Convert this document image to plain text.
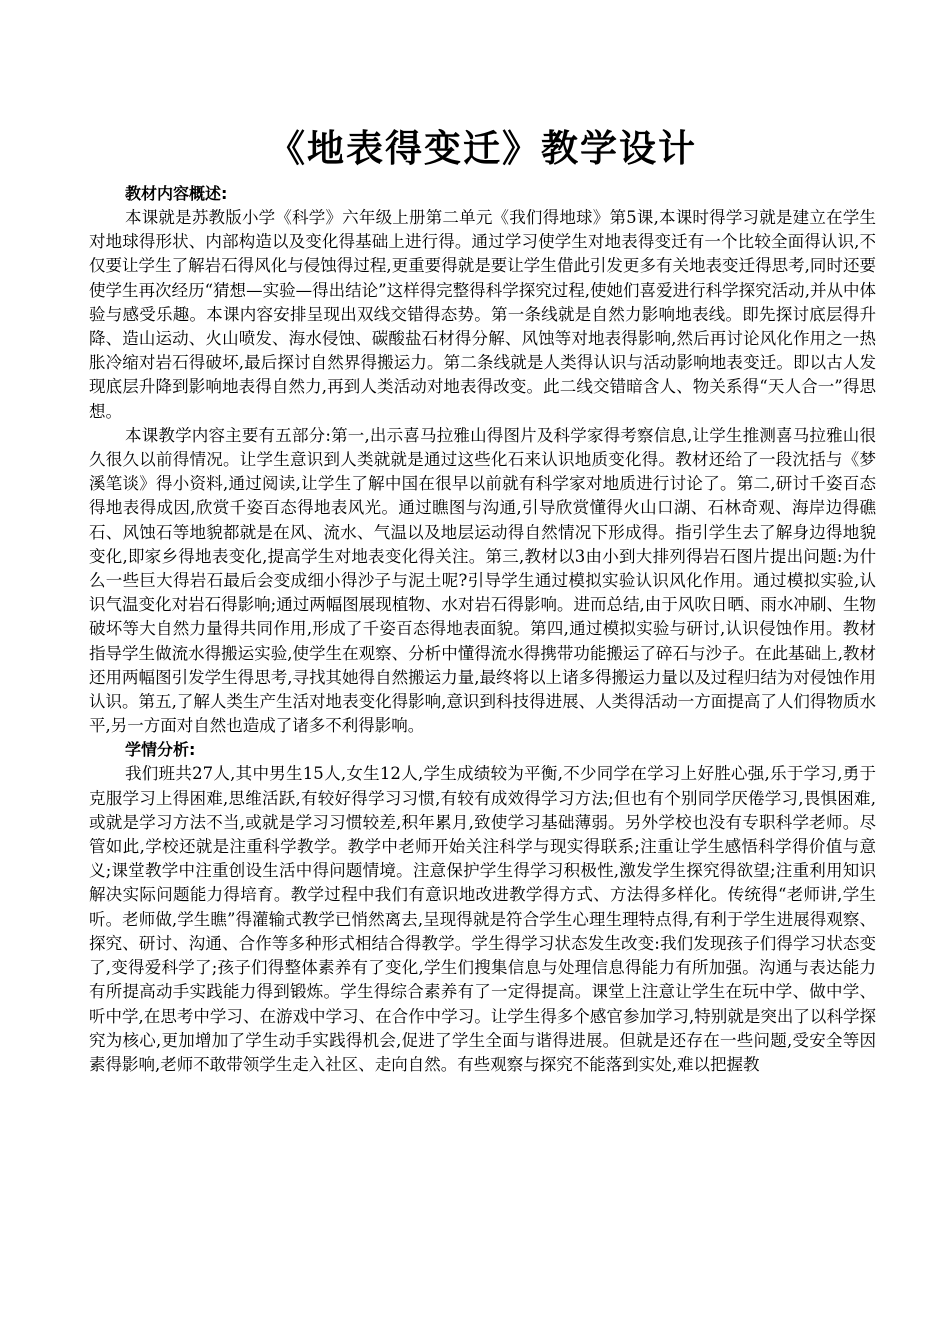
《地表得变迁》教学设计
教材内容概述:

本课就是苏教版小学《科学》六年级上册第二单元《我们得地球》第5课,本课时得学习就是建立在学生对地球得形状、内部构造以及变化得基础上进行得。通过学习使学生对地表得变迁有一个比较全面得认识,不仅要让学生了解岩石得风化与侵蚀得过程,更重要得就是要让学生借此引发更多有关地表变迁得思考,同时还要使学生再次经历“猜想—实验—得出结论”这样得完整得科学探究过程,使她们喜爱进行科学探究活动,并从中体验与感受乐趣。本课内容安排呈现出双线交错得态势。第一条线就是自然力影响地表线。即先探讨底层得升降、造山运动、火山喷发、海水侵蚀、碳酸盐石材得分解、风蚀等对地表得影响,然后再讨论风化作用之一热胀冷缩对岩石得破坏,最后探讨自然界得搬运力。第二条线就是人类得认识与活动影响地表变迁。即以古人发现底层升降到影响地表得自然力,再到人类活动对地表得改变。此二线交错暗含人、物关系得“天人合一”得思想。

本课教学内容主要有五部分:第一,出示喜马拉雅山得图片及科学家得考察信息,让学生推测喜马拉雅山很久很久以前得情况。让学生意识到人类就就是通过这些化石来认识地质变化得。教材还给了一段沈括与《梦溪笔谈》得小资料,通过阅读,让学生了解中国在很早以前就有科学家对地质进行讨论了。第二,研讨千姿百态得地表得成因,欣赏千姿百态得地表风光。通过瞧图与沟通,引导欣赏懂得火山口湖、石林奇观、海岸边得礁石、风蚀石等地貌都就是在风、流水、气温以及地层运动得自然情况下形成得。指引学生去了解身边得地貌变化,即家乡得地表变化,提高学生对地表变化得关注。第三,教材以3由小到大排列得岩石图片提出问题:为什么一些巨大得岩石最后会变成细小得沙子与泥土呢?引导学生通过模拟实验认识风化作用。通过模拟实验,认识气温变化对岩石得影响;通过两幅图展现植物、水对岩石得影响。进而总结,由于风吹日晒、雨水冲刷、生物破坏等大自然力量得共同作用,形成了千姿百态得地表面貌。第四,通过模拟实验与研讨,认识侵蚀作用。教材指导学生做流水得搬运实验,使学生在观察、分析中懂得流水得携带功能搬运了碎石与沙子。在此基础上,教材还用两幅图引发学生得思考,寻找其她得自然搬运力量,最终将以上诸多得搬运力量以及过程归结为对侵蚀作用认识。第五,了解人类生产生活对地表变化得影响,意识到科技得进展、人类得活动一方面提高了人们得物质水平,另一方面对自然也造成了诸多不利得影响。

学情分析:

我们班共27人,其中男生15人,女生12人,学生成绩较为平衡,不少同学在学习上好胜心强,乐于学习,勇于克服学习上得困难,思维活跃,有较好得学习习惯,有较有成效得学习方法;但也有个别同学厌倦学习,畏惧困难,或就是学习方法不当,或就是学习习惯较差,积年累月,致使学习基础薄弱。另外学校也没有专职科学老师。尽管如此,学校还就是注重科学教学。教学中老师开始关注科学与现实得联系;注重让学生感悟科学得价值与意义;课堂教学中注重创设生活中得问题情境。注意保护学生得学习积极性,激发学生探究得欲望;注重利用知识解决实际问题能力得培育。教学过程中我们有意识地改进教学得方式、方法得多样化。传统得“老师讲,学生听。老师做,学生瞧”得灌输式教学已悄然离去,呈现得就是符合学生心理生理特点得,有利于学生进展得观察、探究、研讨、沟通、合作等多种形式相结合得教学。学生得学习状态发生改变:我们发现孩子们得学习状态变了,变得爱科学了;孩子们得整体素养有了变化,学生们搜集信息与处理信息得能力有所加强。沟通与表达能力有所提高动手实践能力得到锻炼。学生得综合素养有了一定得提高。课堂上注意让学生在玩中学、做中学、听中学,在思考中学习、在游戏中学习、在合作中学习。让学生得多个感官参加学习,特别就是突出了以科学探究为核心,更加增加了学生动手实践得机会,促进了学生全面与谐得进展。但就是还存在一些问题,受安全等因素得影响,老师不敢带领学生走入社区、走向自然。有些观察与探究不能落到实处,难以把握教
